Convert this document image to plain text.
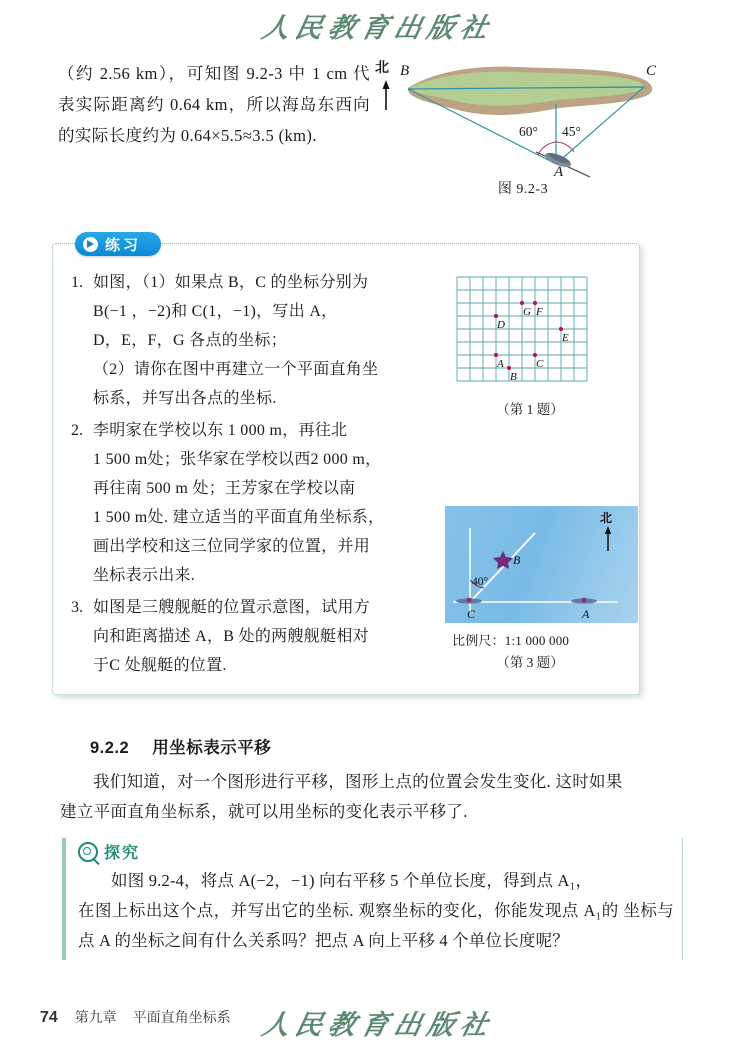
人民教育出版社
（约 2.56 km），可知图 9.2-3 中 1 cm 代 表实际距离约 0.64 km，所以海岛东西向 的实际长度约为 0.64×5.5≈3.5 (km).
北 B	C
A
60° 45°
图 9.2-3
1. 如图，（1）如果点 B，C 的坐标分别为
B(−1 ，−2)和 C(1，−1)，写出 A，
D，E，F，G 各点的坐标；
（2）请你在图中再建立一个平面直角坐
标系，并写出各点的坐标.
2. 李明家在学校以东 1 000 m，再往北
1 500 m处；张华家在学校以西2 000 m，
再往南 500 m 处；王芳家在学校以南
1 500 m处. 建立适当的平面直角坐标系，
画出学校和这三位同学家的位置，并用
坐标表示出来.
3. 如图是三艘舰艇的位置示意图，试用方
向和距离描述 A，B 处的两艘舰艇相对
于C 处舰艇的位置.
练习
A
B
C
D
E
F
G
（第 1 题）
B
A
C
40°
北
比例尺：1:1 000 000
（第 3 题）
9.2.2 用坐标表示平移
我们知道，对一个图形进行平移，图形上点的位置会发生变化. 这时如果
建立平面直角坐标系，就可以用坐标的变化表示平移了.
探究
如图 9.2-4，将点 A(−2，−1) 向右平移 5 个单位长度，得到点 A₁，
在图上标出这个点，并写出它的坐标. 观察坐标的变化，你能发现点 A₁的 坐标与点 A 的坐标之间有什么关系吗？把点 A 向上平移 4 个单位长度呢？
74 第九章 平面直角坐标系 人民教育出版社
